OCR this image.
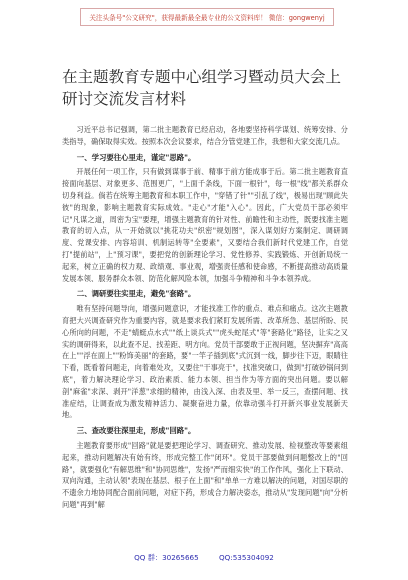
关注头条号"公文研究"，获得最新最全最专业的公文资料库！ 微信：gongwenyj
在主题教育专题中心组学习暨动员大会上研讨交流发言材料

习近平总书记强调，第二批主题教育已经启动，各地要坚持科学谋划、统筹安排、分类指导，确保取得实效。按照本次会议要求，结合分管党建工作，我想和大家交流几点。

一、学习要往心里走，谨定"思路"。

开展任何一项工作，只有做到谋事于前、精事于前方能成事于后。第二批主题教育直接面向基层、对象更多、范围更广，"上面千条线，下面一根针"，每一根"线"都关系群众切身利益。倘若在统筹主题教育和本职工作中，"穿错了针""引乱了线"，极易出现"顾此失彼"的现象，影响主题教育实际成效。"走心"才能"入心"。因此，广大党员干部必须牢记"凡谋之道，周密为宝"要理，增强主题教育的针对性、前瞻性和主动性，既要找准主题教育的切入点，从一开始就以"挑花功夫"织密"规划图"，深入谋划好方案制定、调研调度、党课安排、内容培训、机制运转等"全要素"，又要结合我们新时代党建工作，自觉打"提前站"，上"预习课"，要把党的创新理论学习、党性修养、实践锻炼、开创新局统一起来，树立正确的权力观、政绩观、事业观，增强责任感和使命感，不断提高推动高质量发展本领、服务群众本领、防范化解风险本领，加强斗争精神和斗争本领养成。

二、调研要往实里走，避免"套路"。

唯有坚持问题导向，增强问题意识，才能找准工作的重点、难点和痛点。这次主题教育把大兴调查研究作为重要内容，就是要求我们紧盯发展所需、改革所急、基层所盼、民心所向的问题，不走"蜻蜓点水式""纸上谈兵式""虎头蛇尾式"等"套路化"路径，让实之又实的调研得来，以此查不足、找差距、明方向。党员干部要敢于正视问题，坚决摒弃"高高在上""浮在面上""粉饰美丽"的套路，要"一竿子插到底"式沉到一线，脚步往下迈，眼睛往下看，既看着问题走，向着难处攻，又要住"干事亮于"，找准突破口，做到"打破砂锅问到底"，着力解决理论学习、政治素质、能力本领、担当作为等方面的突出问题。要以解剖"麻雀"求深、剥开"洋葱"求细的精神，由浅入深、由表及里、举一反三，查摆问题、找准症结，让调查成为激发精神活力、凝聚奋进力量，依靠动强斗打开新兴事业发展新天地。

三、查改要往深里走，形成"回路"。

主题教育要形成"回路"就是要把理论学习、调查研究、推动发展、检视整改等要素组起来，推动问题解决有始有终，形成完整工作"闭环"。党员干部要做到问题整改上的"回路"，就要强化"有解思维"和"协同思维"，发扬"严而细实快"的工作作风，强化上下联动、双向沟通，主动认领"表现在基层、根子在上面"和"单单一方难以解决的问题，对国尽职的不遗余力地协同配合面前问题，对症下药，形成合力解决姿态，推动从"发现问题"向"分析问题"再到"解

QQ 群：30265665	QQ:535304092
